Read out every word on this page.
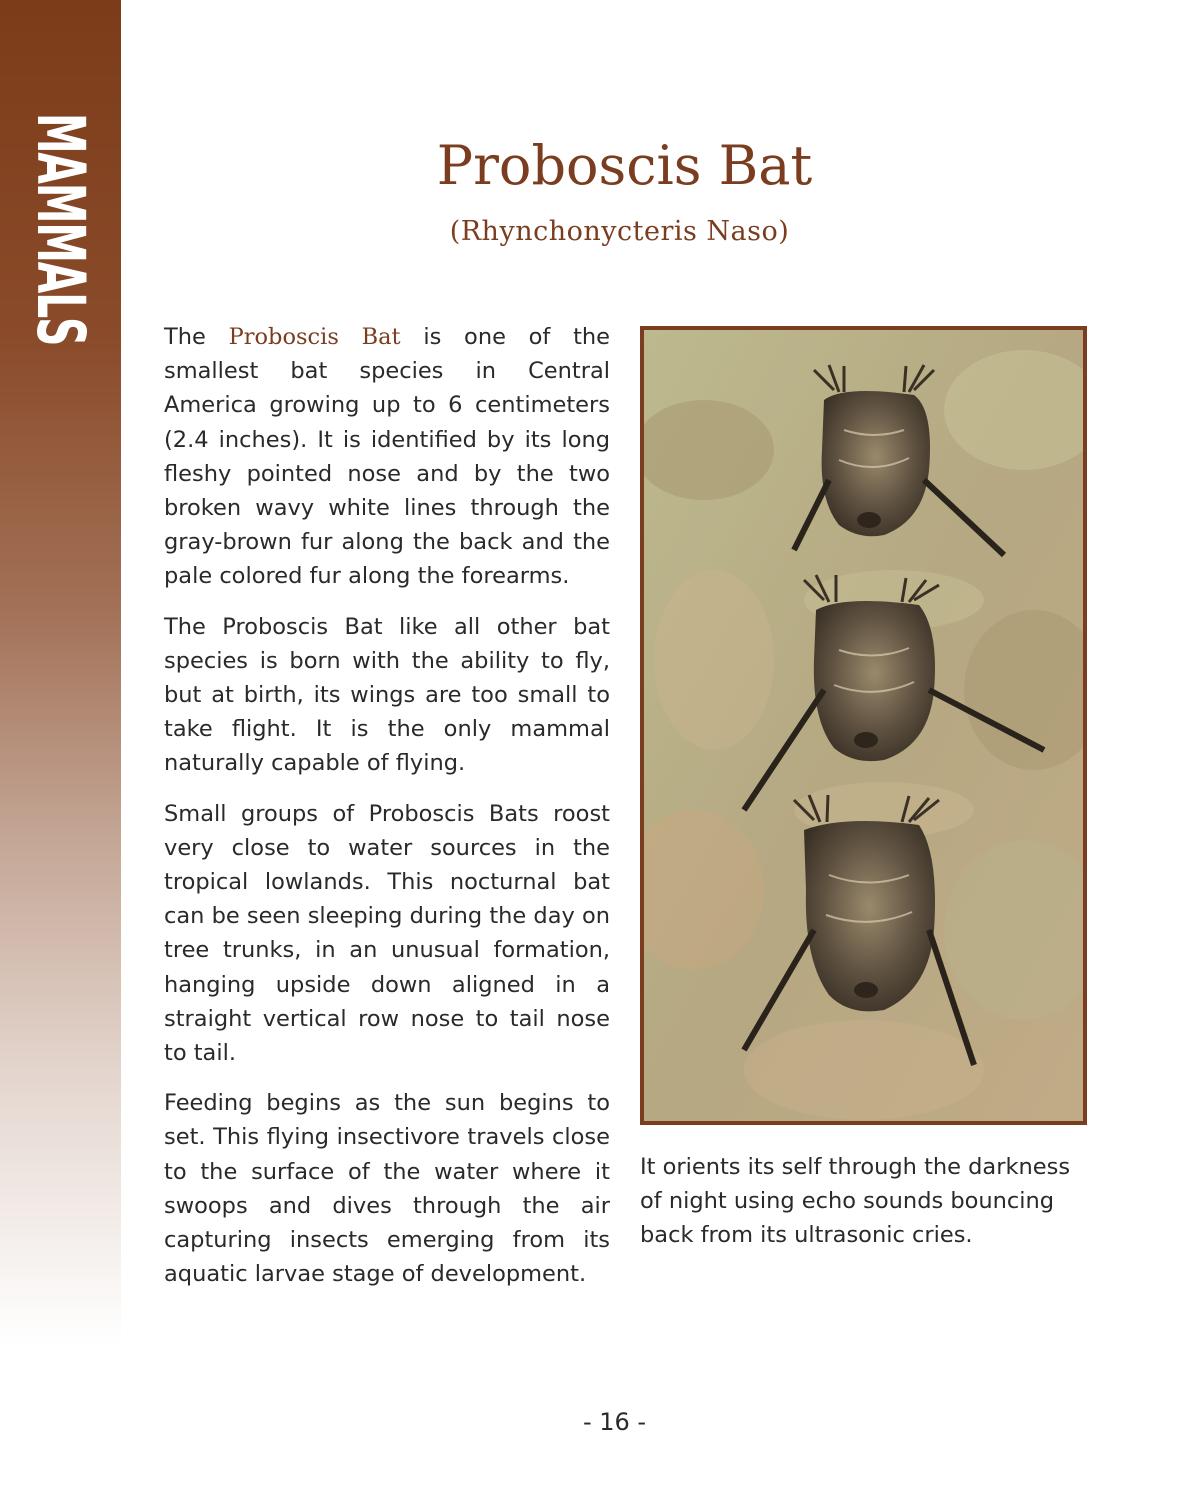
MAMMALS	Proboscis Bat
(Rhynchonycteris Naso)

The Proboscis Bat is one of the smallest bat species in Central America growing up to 6 centimeters (2.4 inches). It is identified by its long fleshy pointed nose and by the two broken wavy white lines through the gray-brown fur along the back and the pale colored fur along the forearms.

The Proboscis Bat like all other bat species is born with the ability to fly, but at birth, its wings are too small to take flight. It is the only mammal naturally capable of flying.

Small groups of Proboscis Bats roost very close to water sources in the tropical lowlands. This nocturnal bat can be seen sleeping during the day on tree trunks, in an unusual formation, hanging upside down aligned in a straight vertical row nose to tail nose to tail.

Feeding begins as the sun begins to set. This flying insectivore travels close to the surface of the water where it swoops and dives through the air capturing insects emerging from its aquatic larvae stage of development.

It orients its self through the darkness of night using echo sounds bouncing back from its ultrasonic cries.
- 16 -
